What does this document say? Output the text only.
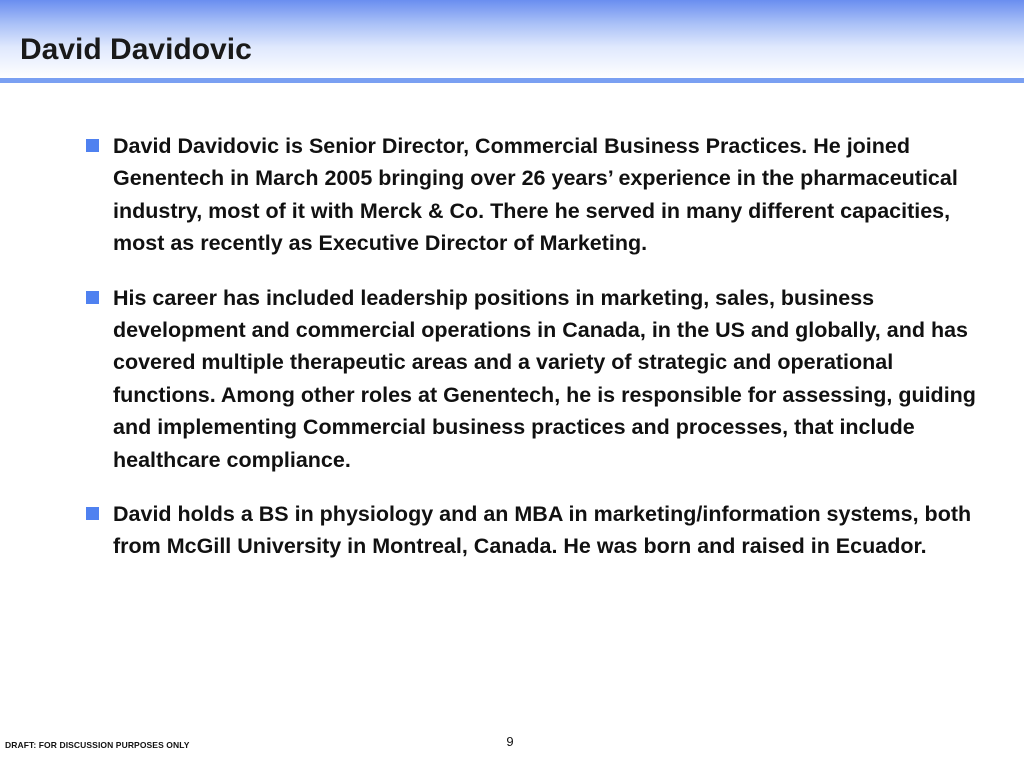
David Davidovic
David Davidovic is Senior Director, Commercial Business Practices. He joined Genentech in March 2005 bringing over 26 years’ experience in the pharmaceutical industry, most of it with Merck & Co. There he served in many different capacities, most as recently as Executive Director of Marketing.
His career has included leadership positions in marketing, sales, business development and commercial operations in Canada, in the US and globally, and has covered multiple therapeutic areas and a variety of strategic and operational functions. Among other roles at Genentech, he is responsible for assessing, guiding and implementing Commercial business practices and processes, that include healthcare compliance.
David holds a BS in physiology and an MBA in marketing/information systems, both from McGill University in Montreal, Canada. He was born and raised in Ecuador.
DRAFT: FOR DISCUSSION PURPOSES ONLY	9
